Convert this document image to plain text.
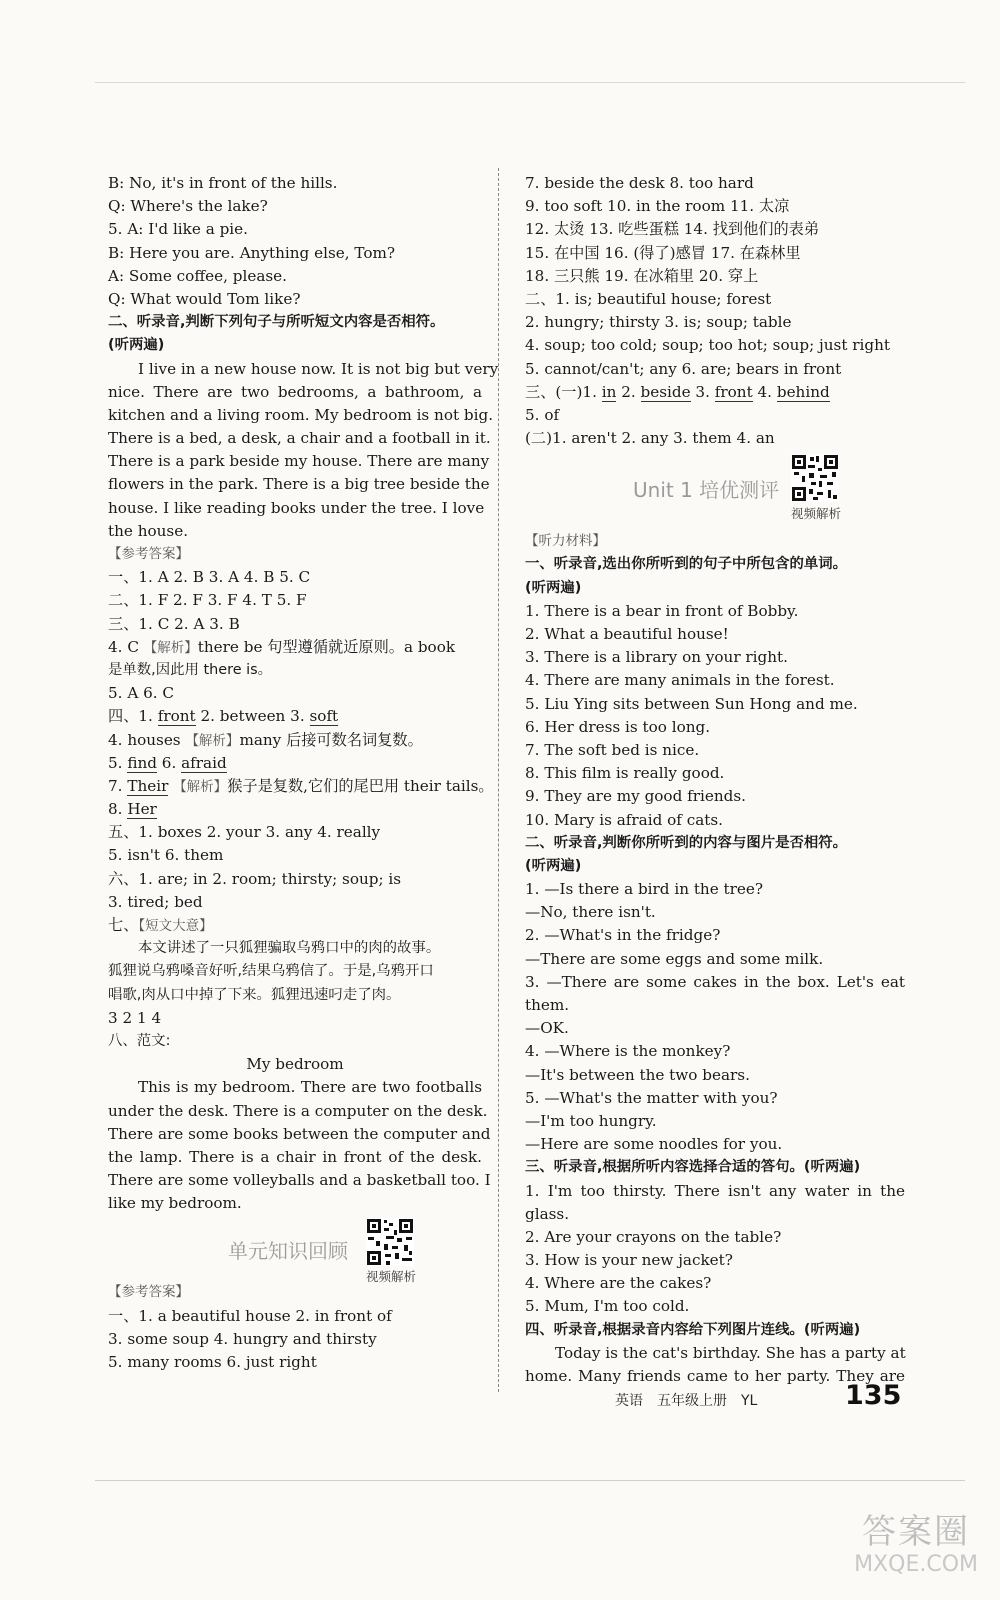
B: No, it's in front of the hills.
Q: Where's the lake?
5. A: I'd like a pie.
B: Here you are. Anything else, Tom?
A: Some coffee, please.
Q: What would Tom like?
二、听录音,判断下列句子与所听短文内容是否相符。
(听两遍)
I live in a new house now. It is not big but very
nice. There are two bedrooms, a bathroom, a
kitchen and a living room. My bedroom is not big.
There is a bed, a desk, a chair and a football in it.
There is a park beside my house. There are many
flowers in the park. There is a big tree beside the
house. I like reading books under the tree. I love
the house.
【参考答案】
一、1. A 2. B 3. A 4. B 5. C
二、1. F 2. F 3. F 4. T 5. F
三、1. C 2. A 3. B
4. C 【解析】there be 句型遵循就近原则。a book
是单数,因此用 there is。
5. A 6. C
四、1. front 2. between 3. soft
4. houses 【解析】many 后接可数名词复数。
5. find 6. afraid
7. Their 【解析】猴子是复数,它们的尾巴用 their tails。
8. Her
五、1. boxes 2. your 3. any 4. really
5. isn't 6. them
六、1. are; in 2. room; thirsty; soup; is
3. tired; bed
七、【短文大意】
本文讲述了一只狐狸骗取乌鸦口中的肉的故事。
狐狸说乌鸦嗓音好听,结果乌鸦信了。于是,乌鸦开口
唱歌,肉从口中掉了下来。狐狸迅速叼走了肉。
3 2 1 4
八、范文:
My bedroom
This is my bedroom. There are two footballs
under the desk. There is a computer on the desk.
There are some books between the computer and
the lamp. There is a chair in front of the desk.
There are some volleyballs and a basketball too. I
like my bedroom.
单元知识回顾
视频解析
【参考答案】
一、1. a beautiful house 2. in front of
3. some soup 4. hungry and thirsty
5. many rooms 6. just right
7. beside the desk 8. too hard
9. too soft 10. in the room 11. 太凉
12. 太烫 13. 吃些蛋糕 14. 找到他们的表弟
15. 在中国 16. (得了)感冒 17. 在森林里
18. 三只熊 19. 在冰箱里 20. 穿上
二、1. is; beautiful house; forest
2. hungry; thirsty 3. is; soup; table
4. soup; too cold; soup; too hot; soup; just right
5. cannot/can't; any 6. are; bears in front
三、(一)1. in 2. beside 3. front 4. behind
5. of
(二)1. aren't 2. any 3. them 4. an
Unit 1 培优测评
视频解析
【听力材料】
一、听录音,选出你所听到的句子中所包含的单词。
(听两遍)
1. There is a bear in front of Bobby.
2. What a beautiful house!
3. There is a library on your right.
4. There are many animals in the forest.
5. Liu Ying sits between Sun Hong and me.
6. Her dress is too long.
7. The soft bed is nice.
8. This film is really good.
9. They are my good friends.
10. Mary is afraid of cats.
二、听录音,判断你所听到的内容与图片是否相符。
(听两遍)
1. —Is there a bird in the tree?
—No, there isn't.
2. —What's in the fridge?
—There are some eggs and some milk.
3. —There are some cakes in the box. Let's eat
them.
—OK.
4. —Where is the monkey?
—It's between the two bears.
5. —What's the matter with you?
—I'm too hungry.
—Here are some noodles for you.
三、听录音,根据所听内容选择合适的答句。(听两遍)
1. I'm too thirsty. There isn't any water in the
glass.
2. Are your crayons on the table?
3. How is your new jacket?
4. Where are the cakes?
5. Mum, I'm too cold.
四、听录音,根据录音内容给下列图片连线。(听两遍)
Today is the cat's birthday. She has a party at
home. Many friends came to her party. They are
英语 五年级上册 YL	135
答案圈
MXQE.COM
